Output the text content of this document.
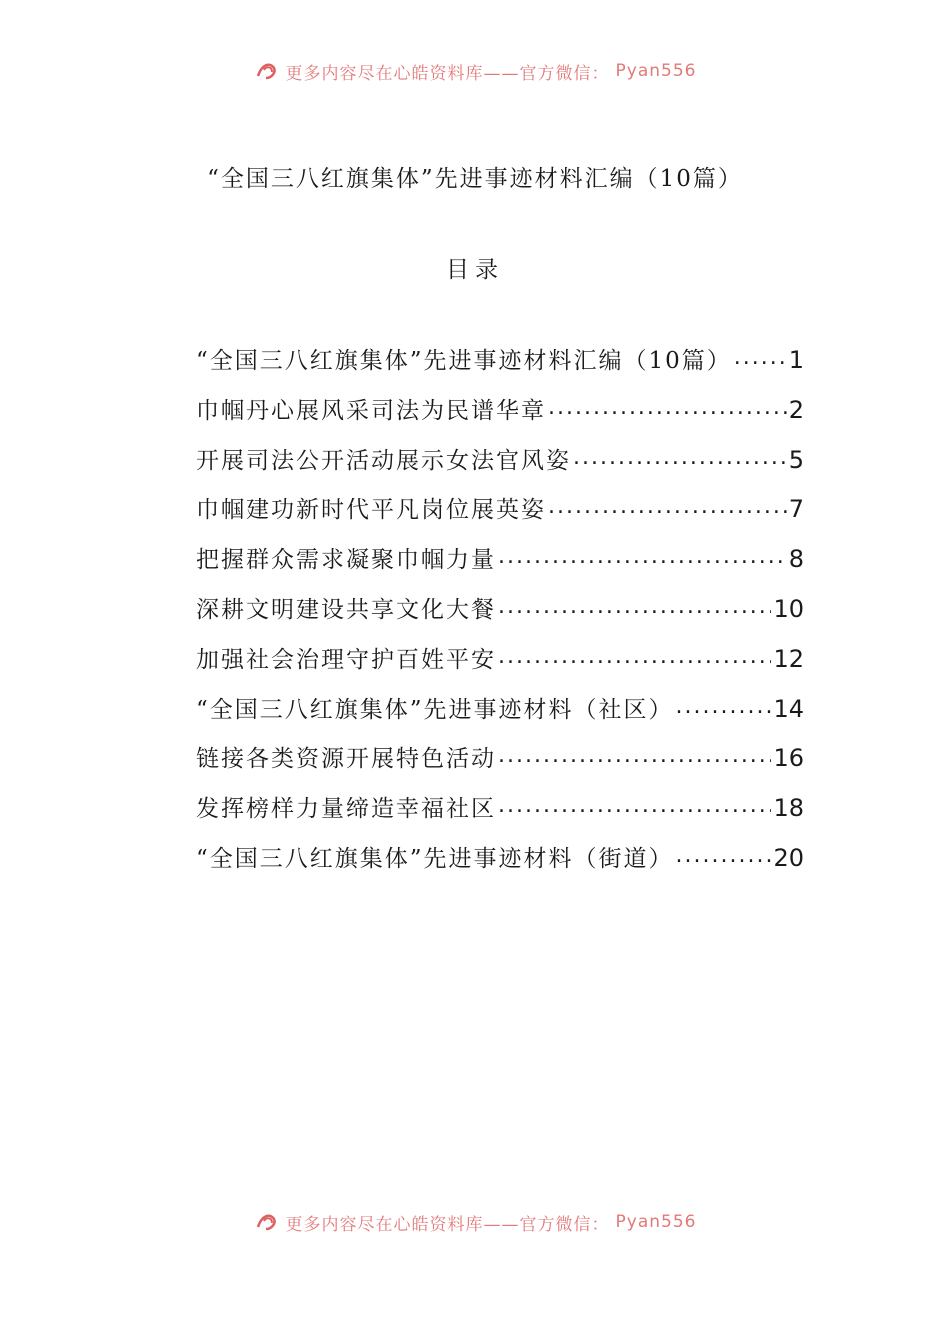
更多内容尽在心皓资料库——官方微信： Pyan556
“全国三八红旗集体”先进事迹材料汇编（10篇）
目录
“全国三八红旗集体”先进事迹材料汇编（10篇） ..... 1
巾帼丹心展风采司法为民谱华章 .....	2
开展司法公开活动展示女法官风姿 .....	5
巾帼建功新时代平凡岗位展英姿 .....	7
把握群众需求凝聚巾帼力量 .....	8
深耕文明建设共享文化大餐 .....	10
加强社会治理守护百姓平安 .....	12
“全国三八红旗集体”先进事迹材料（社区） .....	14
链接各类资源开展特色活动 .....	16
发挥榜样力量缔造幸福社区 .....	18
“全国三八红旗集体”先进事迹材料（街道） .....	20
更多内容尽在心皓资料库——官方微信： Pyan556
